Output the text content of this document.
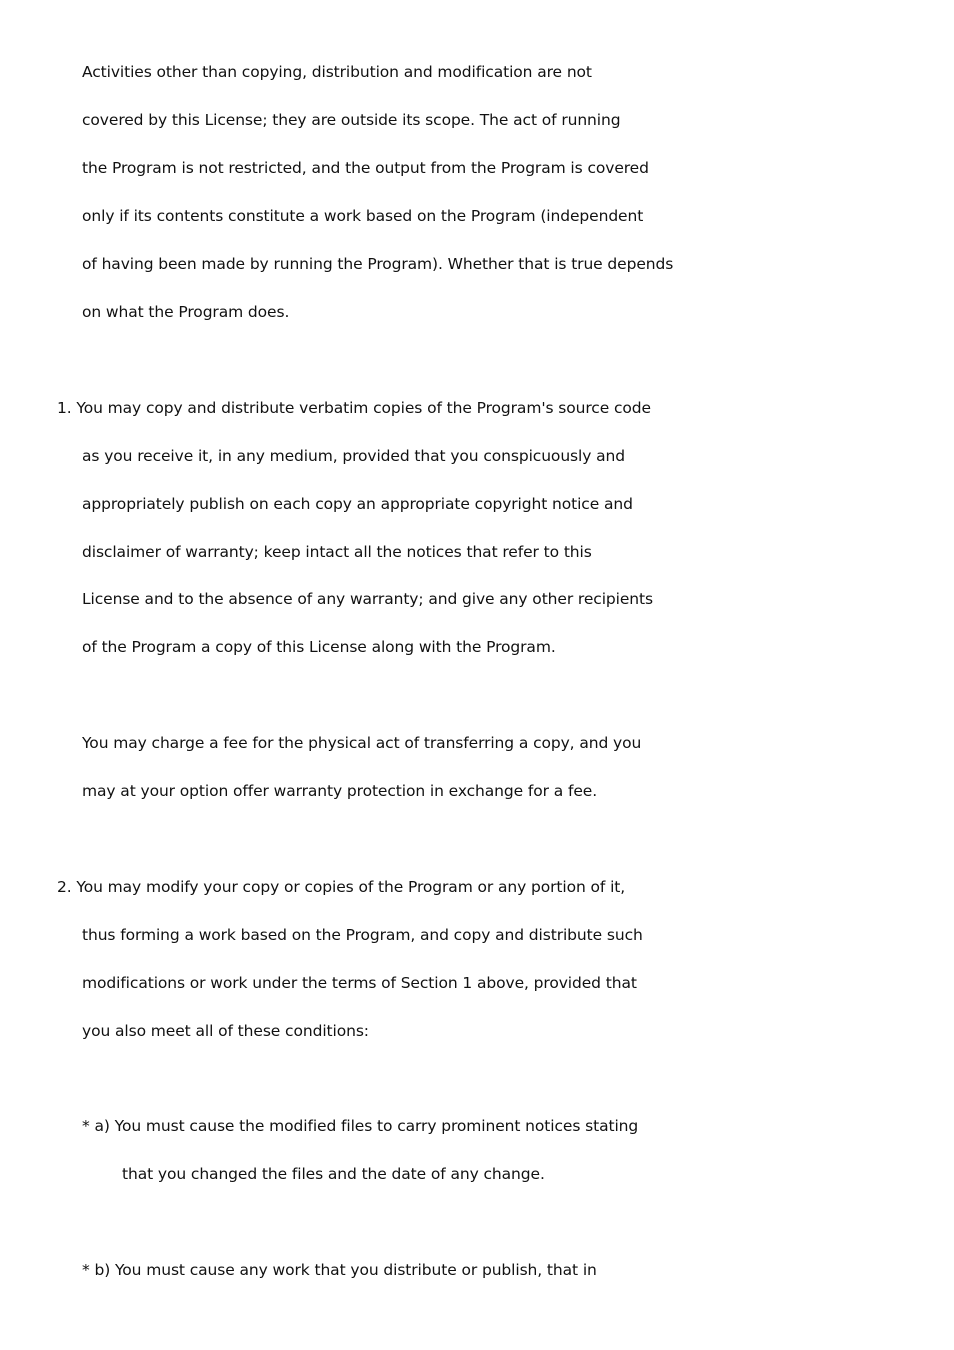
Activities other than copying, distribution and modification are not
covered by this License; they are outside its scope. The act of running
the Program is not restricted, and the output from the Program is covered
only if its contents constitute a work based on the Program (independent
of having been made by running the Program). Whether that is true depends
on what the Program does.
1. You may copy and distribute verbatim copies of the Program's source code
as you receive it, in any medium, provided that you conspicuously and
appropriately publish on each copy an appropriate copyright notice and
disclaimer of warranty; keep intact all the notices that refer to this
License and to the absence of any warranty; and give any other recipients
of the Program a copy of this License along with the Program.
You may charge a fee for the physical act of transferring a copy, and you
may at your option offer warranty protection in exchange for a fee.
2. You may modify your copy or copies of the Program or any portion of it,
thus forming a work based on the Program, and copy and distribute such
modifications or work under the terms of Section 1 above, provided that
you also meet all of these conditions:
* a) You must cause the modified files to carry prominent notices stating
that you changed the files and the date of any change.
* b) You must cause any work that you distribute or publish, that in
